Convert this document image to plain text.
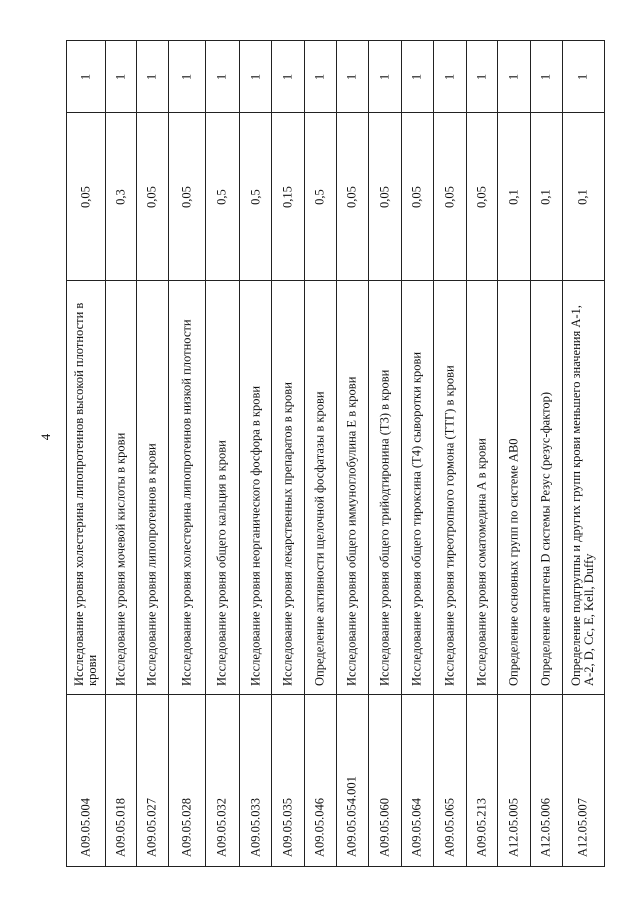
4
A09.05.004
Исследование уровня холестерина липопротеинов высокой плотности в крови
0,05
1
A09.05.018
Исследование уровня мочевой кислоты в крови
0,3
1
A09.05.027
Исследование уровня липопротеинов в крови
0,05
1
A09.05.028
Исследование уровня холестерина липопротеинов низкой плотности
0,05
1
A09.05.032
Исследование уровня общего кальция в крови
0,5
1
A09.05.033
Исследование уровня неорганического фосфора в крови
0,5
1
A09.05.035
Исследование уровня лекарственных препаратов в крови
0,15
1
A09.05.046
Определение активности щелочной фосфатазы в крови
0,5
1
A09.05.054.001
Исследование уровня общего иммуноглобулина Е в крови
0,05
1
A09.05.060
Исследование уровня общего трийодтиронина (Т3) в крови
0,05
1
A09.05.064
Исследование уровня общего тироксина (Т4) сыворотки крови
0,05
1
A09.05.065
Исследование уровня тиреотропного гормона (ТТГ) в крови
0,05
1
A09.05.213
Исследование уровня соматомедина А в крови
0,05
1
A12.05.005
Определение основных групп по системе AB0
0,1
1
A12.05.006
Определение антигена D системы Резус (резус-фактор)
0,1
1
A12.05.007
Определение подгруппы и других групп крови меньшего значения А-1, А-2, D, Cc, E, Kell, Duffy
0,1
1
